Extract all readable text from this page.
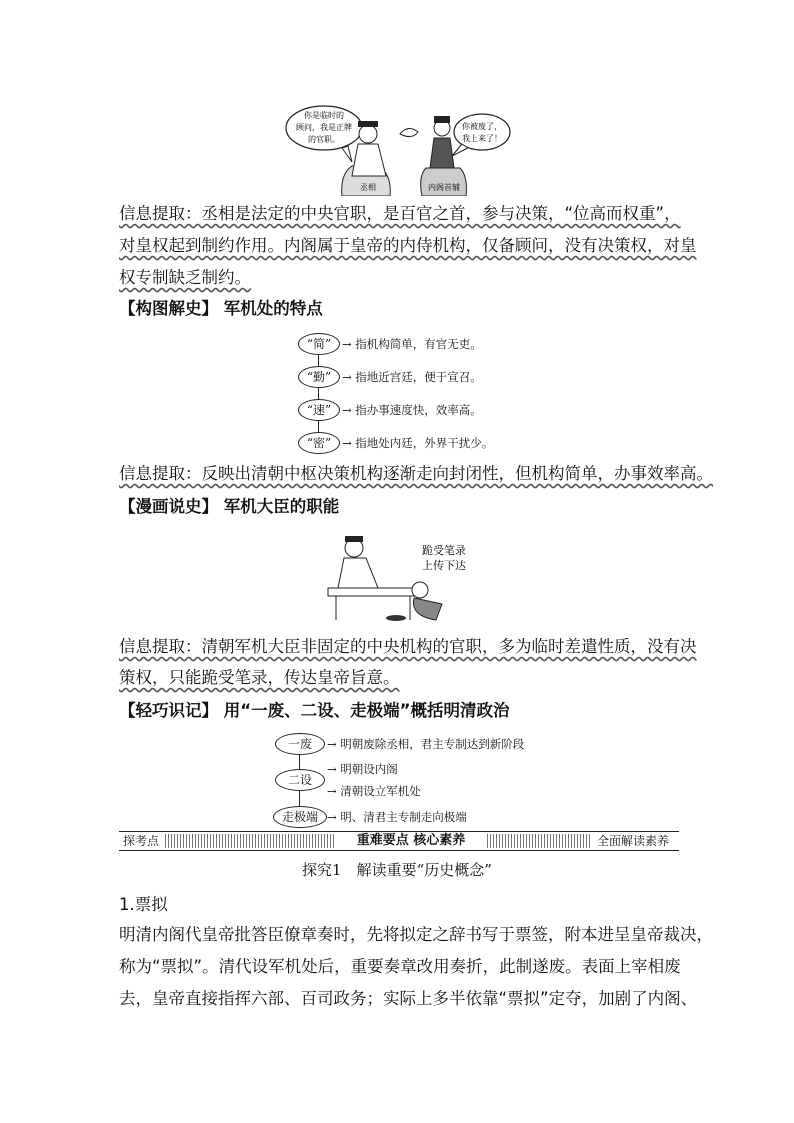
你是临时的
顾问，我是正牌
的官职。
你被废了，
我上来了！
丞相	内阁首辅
信息提取：丞相是法定的中央官职，是百官之首，参与决策，“位高而权重”，
对皇权起到制约作用。内阁属于皇帝的内侍机构，仅备顾问，没有决策权，对皇
权专制缺乏制约。
【构图解史】 军机处的特点
“简”
“勤”
“速”
“密”
→ 指机构简单，有官无吏。
→ 指地近宫廷，便于宣召。
→ 指办事速度快，效率高。
→ 指地处内廷，外界干扰少。
信息提取：反映出清朝中枢决策机构逐渐走向封闭性，但机构简单，办事效率高。
【漫画说史】 军机大臣的职能
跪受笔录
上传下达
信息提取：清朝军机大臣非固定的中央机构的官职，多为临时差遣性质，没有决
策权，只能跪受笔录，传达皇帝旨意。
【轻巧识记】 用“一废、二设、走极端”概括明清政治
一废
二设
走极端
→ 明朝废除丞相，君主专制达到新阶段
→ 明朝设内阁
→ 清朝设立军机处
→ 明、清君主专制走向极端
探考点	重难要点 核心素养	全面解读素养
探究1　解读重要“历史概念”
1.票拟
明清内阁代皇帝批答臣僚章奏时，先将拟定之辞书写于票签，附本进呈皇帝裁决，
称为“票拟”。清代设军机处后，重要奏章改用奏折，此制遂废。表面上宰相废
去，皇帝直接指挥六部、百司政务；实际上多半依靠“票拟”定夺，加剧了内阁、
